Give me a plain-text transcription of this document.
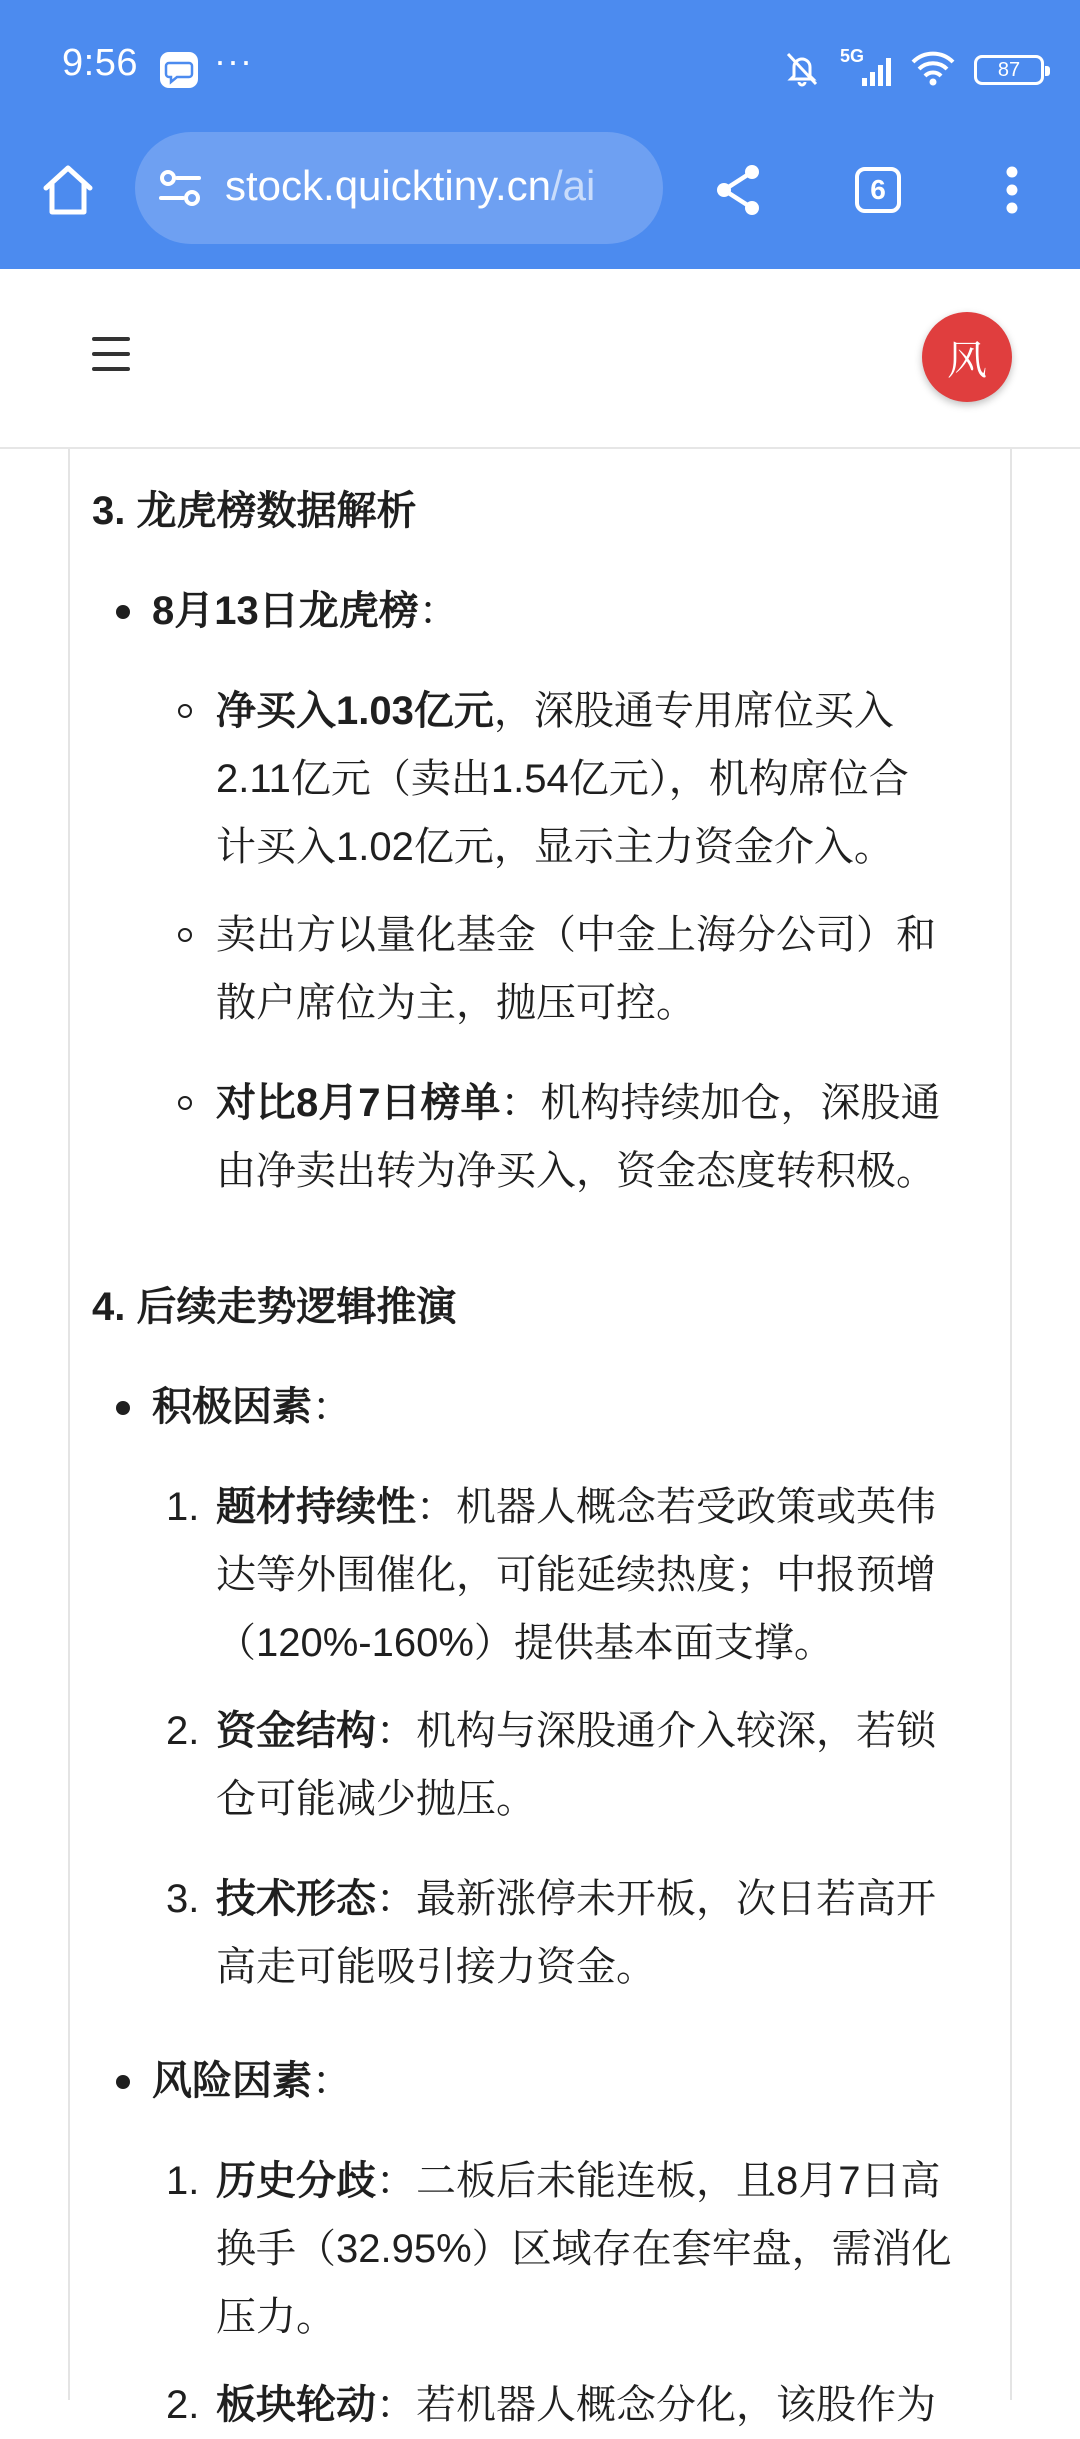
9:56 ···	5G
87
stock.quicktiny.cn/ai	6
风
3. 龙虎榜数据解析
8月13日龙虎榜：
净买入1.03亿元，深股通专用席位买入
2.11亿元（卖出1.54亿元），机构席位合
计买入1.02亿元，显示主力资金介入。
卖出方以量化基金（中金上海分公司）和
散户席位为主，抛压可控。
对比8月7日榜单：机构持续加仓，深股通
由净卖出转为净买入，资金态度转积极。
4. 后续走势逻辑推演
积极因素：
1. 题材持续性：机器人概念若受政策或英伟
达等外围催化，可能延续热度；中报预增
（120%-160%）提供基本面支撑。
2. 资金结构：机构与深股通介入较深，若锁
仓可能减少抛压。
3. 技术形态：最新涨停未开板，次日若高开
高走可能吸引接力资金。
风险因素：
1. 历史分歧：二板后未能连板，且8月7日高
换手（32.95%）区域存在套牢盘，需消化
压力。
2. 板块轮动：若机器人概念分化，该股作为
